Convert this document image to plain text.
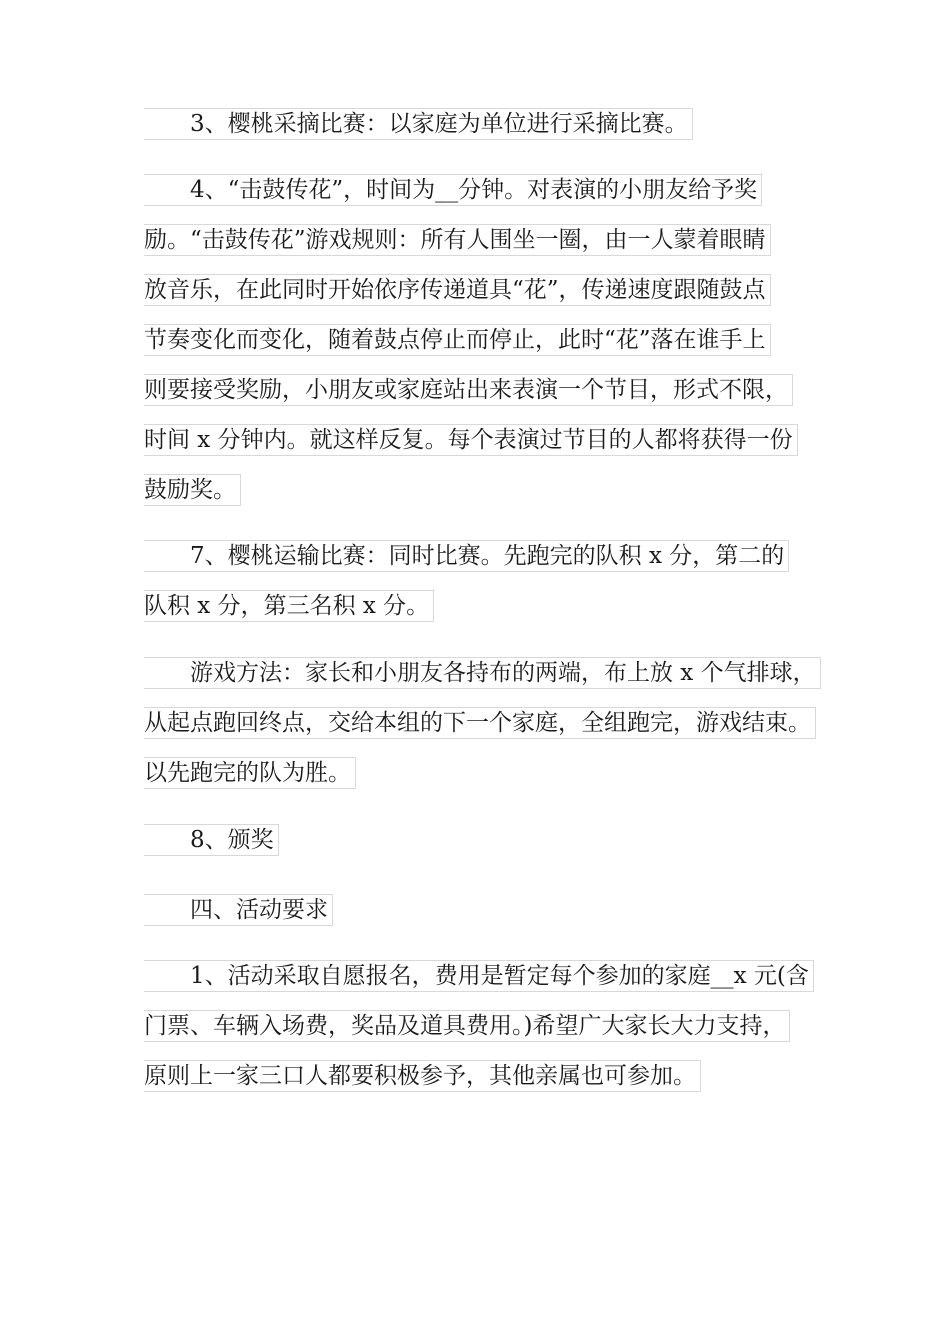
3、樱桃采摘比赛：以家庭为单位进行采摘比赛。
4、“击鼓传花”，时间为__分钟。对表演的小朋友给予奖
励。“击鼓传花”游戏规则：所有人围坐一圈，由一人蒙着眼睛
放音乐，在此同时开始依序传递道具“花”，传递速度跟随鼓点
节奏变化而变化，随着鼓点停止而停止，此时“花”落在谁手上
则要接受奖励，小朋友或家庭站出来表演一个节目，形式不限，
时间 x 分钟内。就这样反复。每个表演过节目的人都将获得一份
鼓励奖。
7、樱桃运输比赛：同时比赛。先跑完的队积 x 分，第二的
队积 x 分，第三名积 x 分。
游戏方法：家长和小朋友各持布的两端，布上放 x 个气排球，
从起点跑回终点，交给本组的下一个家庭，全组跑完，游戏结束。
以先跑完的队为胜。
8、颁奖
四、活动要求
1、活动采取自愿报名，费用是暂定每个参加的家庭__x 元(含
门票、车辆入场费，奖品及道具费用。)希望广大家长大力支持，
原则上一家三口人都要积极参予，其他亲属也可参加。
